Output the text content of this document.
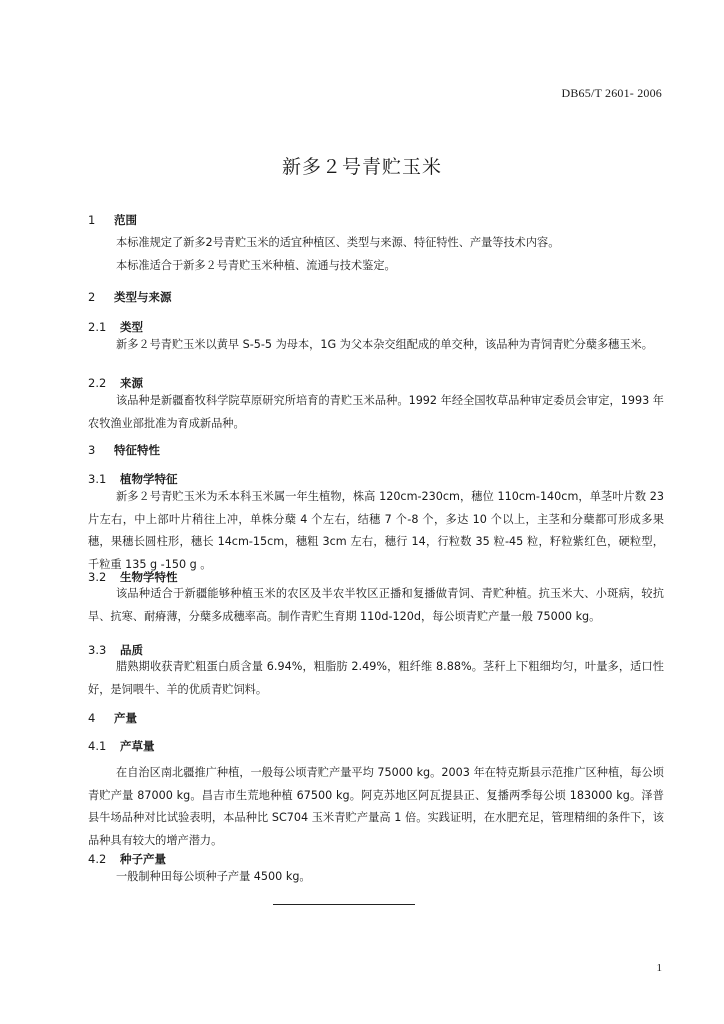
DB65/T 2601- 2006
新多２号青贮玉米
1 范围
本标准规定了新多2号青贮玉米的适宜种植区、类型与来源、特征特性、产量等技术内容。
本标准适合于新多２号青贮玉米种植、流通与技术鉴定。
2 类型与来源
2.1 类型
新多２号青贮玉米以黄早 S-5-5 为母本，1G 为父本杂交组配成的单交种，该品种为青饲青贮分蘖多穗玉米。
2.2 来源
该品种是新疆畜牧科学院草原研究所培育的青贮玉米品种。1992 年经全国牧草品种审定委员会审定，1993 年农牧渔业部批准为育成新品种。
3 特征特性
3.1 植物学特征
新多２号青贮玉米为禾本科玉米属一年生植物，株高 120cm-230cm，穗位 110cm-140cm，单茎叶片数 23 片左右，中上部叶片稍往上冲，单株分蘖 4 个左右，结穗 7 个-8 个，多达 10 个以上，主茎和分蘖都可形成多果穗，果穗长圆柱形，穗长 14cm-15cm，穗粗 3cm 左右，穗行 14，行粒数 35 粒-45 粒，籽粒紫红色，硬粒型，千粒重 135 g -150 g 。
3.2 生物学特性
该品种适合于新疆能够种植玉米的农区及半农半牧区正播和复播做青饲、青贮种植。抗玉米大、小斑病，较抗旱、抗寒、耐瘠薄，分蘖多成穗率高。制作青贮生育期 110d-120d，每公顷青贮产量一般 75000 kg。
3.3 品质
腊熟期收获青贮粗蛋白质含量 6.94%，粗脂肪 2.49%，粗纤维 8.88%。茎秆上下粗细均匀，叶量多，适口性好，是饲喂牛、羊的优质青贮饲料。
4 产量
4.1 产草量
在自治区南北疆推广种植，一般每公顷青贮产量平均 75000 kg。2003 年在特克斯县示范推广区种植，每公顷青贮产量 87000 kg。昌吉市生荒地种植 67500 kg。阿克苏地区阿瓦提县正、复播两季每公顷 183000 kg。泽普县牛场品种对比试验表明，本品种比 SC704 玉米青贮产量高 1 倍。实践证明，在水肥充足，管理精细的条件下，该品种具有较大的增产潜力。
4.2 种子产量
一般制种田每公顷种子产量 4500 kg。
1
